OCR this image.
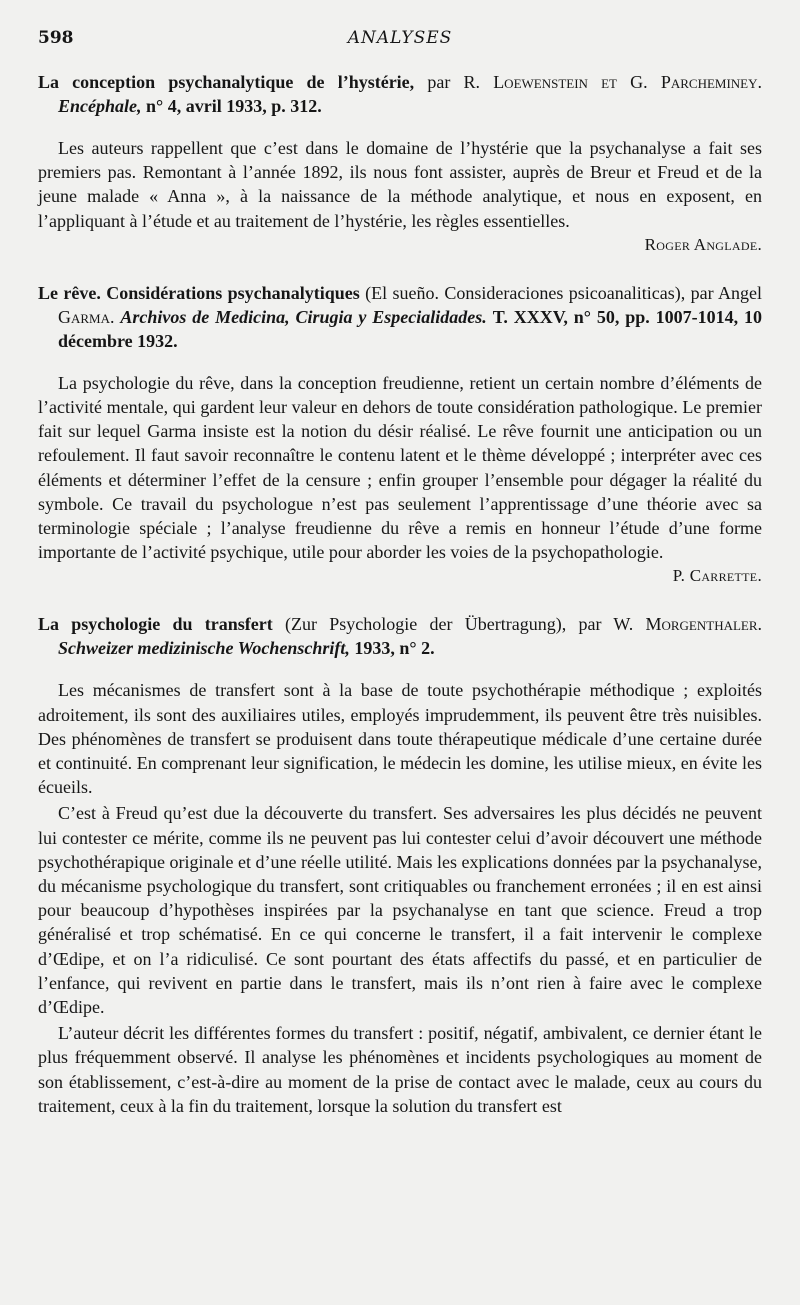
598	ANALYSES

La conception psychanalytique de l’hystérie, par R. Loewenstein et G. Parcheminey. Encéphale, n° 4, avril 1933, p. 312.

Les auteurs rappellent que c’est dans le domaine de l’hystérie que la psychanalyse a fait ses premiers pas. Remontant à l’année 1892, ils nous font assister, auprès de Breur et Freud et de la jeune malade « Anna », à la naissance de la méthode analytique, et nous en exposent, en l’appliquant à l’étude et au traitement de l’hystérie, les règles essentielles.

Roger Anglade.

Le rêve. Considérations psychanalytiques (El sueño. Consideraciones psicoanaliticas), par Angel Garma. Archivos de Medicina, Cirugia y Especialidades. T. XXXV, n° 50, pp. 1007-1014, 10 décembre 1932.

La psychologie du rêve, dans la conception freudienne, retient un certain nombre d’éléments de l’activité mentale, qui gardent leur valeur en dehors de toute considération pathologique. Le premier fait sur lequel Garma insiste est la notion du désir réalisé. Le rêve fournit une anticipation ou un refoulement. Il faut savoir reconnaître le contenu latent et le thème développé ; interpréter avec ces éléments et déterminer l’effet de la censure ; enfin grouper l’ensemble pour dégager la réalité du symbole. Ce travail du psychologue n’est pas seulement l’apprentissage d’une théorie avec sa terminologie spéciale ; l’analyse freudienne du rêve a remis en honneur l’étude d’une forme importante de l’activité psychique, utile pour aborder les voies de la psychopathologie.

P. Carrette.

La psychologie du transfert (Zur Psychologie der Übertragung), par W. Morgenthaler. Schweizer medizinische Wochenschrift, 1933, n° 2.

Les mécanismes de transfert sont à la base de toute psychothérapie méthodique ; exploités adroitement, ils sont des auxiliaires utiles, employés imprudemment, ils peuvent être très nuisibles. Des phénomènes de transfert se produisent dans toute thérapeutique médicale d’une certaine durée et continuité. En comprenant leur signification, le médecin les domine, les utilise mieux, en évite les écueils.

C’est à Freud qu’est due la découverte du transfert. Ses adversaires les plus décidés ne peuvent lui contester ce mérite, comme ils ne peuvent pas lui contester celui d’avoir découvert une méthode psychothérapique originale et d’une réelle utilité. Mais les explications données par la psychanalyse, du mécanisme psychologique du transfert, sont critiquables ou franchement erronées ; il en est ainsi pour beaucoup d’hypothèses inspirées par la psychanalyse en tant que science. Freud a trop généralisé et trop schématisé. En ce qui concerne le transfert, il a fait intervenir le complexe d’Œdipe, et on l’a ridiculisé. Ce sont pourtant des états affectifs du passé, et en particulier de l’enfance, qui revivent en partie dans le transfert, mais ils n’ont rien à faire avec le complexe d’Œdipe.

L’auteur décrit les différentes formes du transfert : positif, négatif, ambivalent, ce dernier étant le plus fréquemment observé. Il analyse les phénomènes et incidents psychologiques au moment de son établissement, c’est-à-dire au moment de la prise de contact avec le malade, ceux au cours du traitement, ceux à la fin du traitement, lorsque la solution du transfert est
